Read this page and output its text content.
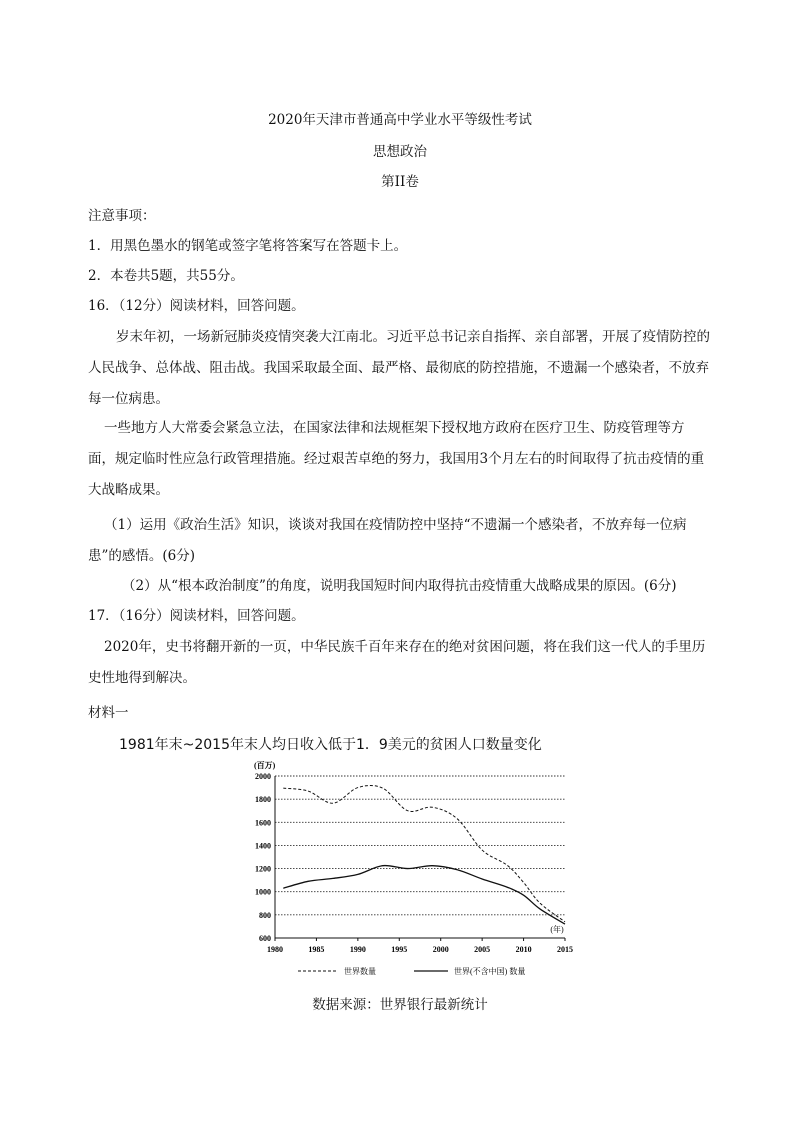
2020年天津市普通高中学业水平等级性考试
思想政治
第II卷
注意事项：
1．用黑色墨水的钢笔或签字笔将答案写在答题卡上。
2．本卷共5题，共55分。
16．（12分）阅读材料，回答问题。
岁末年初，一场新冠肺炎疫情突袭大江南北。习近平总书记亲自指挥、亲自部署，开展了疫情防控的
人民战争、总体战、阻击战。我国采取最全面、最严格、最彻底的防控措施，不遗漏一个感染者，不放弃
每一位病患。
一些地方人大常委会紧急立法，在国家法律和法规框架下授权地方政府在医疗卫生、防疫管理等方
面，规定临时性应急行政管理措施。经过艰苦卓绝的努力，我国用3个月左右的时间取得了抗击疫情的重
大战略成果。
（1）运用《政治生活》知识，谈谈对我国在疫情防控中坚持“不遗漏一个感染者，不放弃每一位病
患”的感悟。(6分)
（2）从“根本政治制度”的角度，说明我国短时间内取得抗击疫情重大战略成果的原因。(6分)
17．（16分）阅读材料，回答问题。
2020年，史书将翻开新的一页，中华民族千百年来存在的绝对贫困问题，将在我们这一代人的手里历
史性地得到解决。
材料一
1981年末~2015年末人均日收入低于1．9美元的贫困人口数量变化
(百万)
600
800
1000
1200
1400
1600
1800
2000
1980	1985	1990	1995	2000	2005	2010	2015
(年)
世界数量	世界(不含中国) 数量
数据来源：世界银行最新统计
